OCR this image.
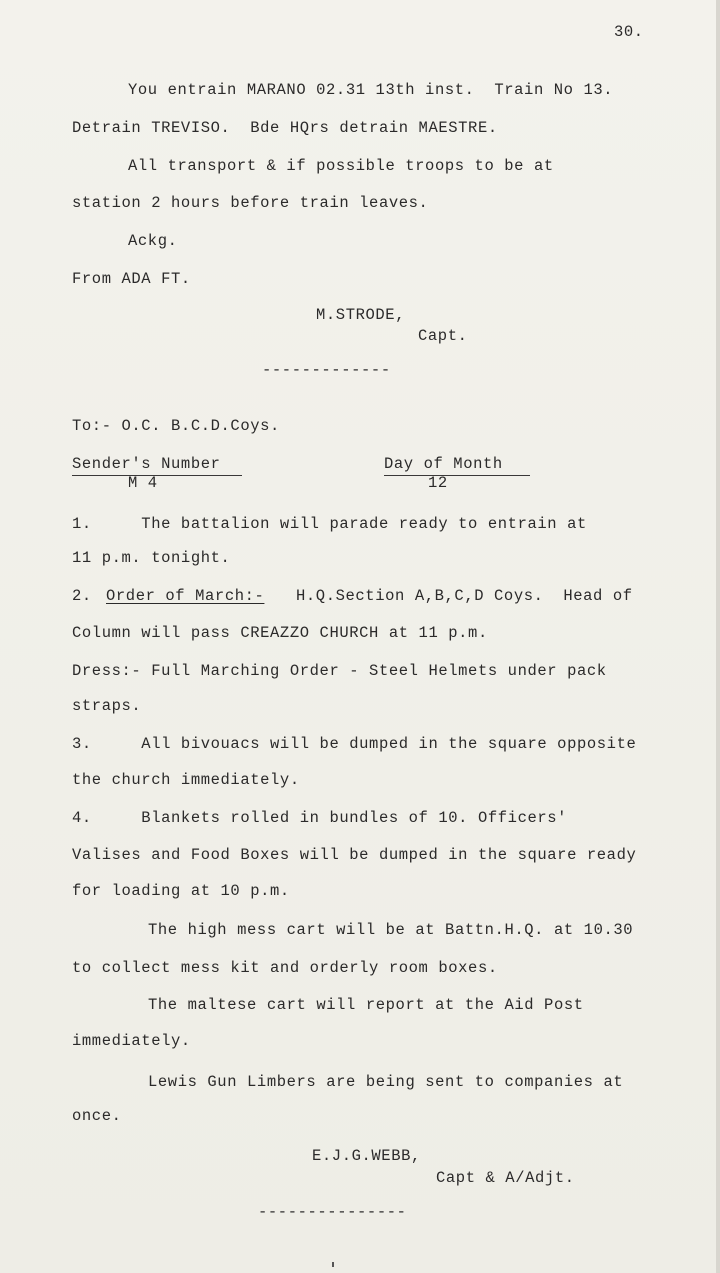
30.
You entrain MARANO 02.31 13th inst.  Train No 13.
Detrain TREVISO.  Bde HQrs detrain MAESTRE.
All transport & if possible troops to be at
station 2 hours before train leaves.
Ackg.
From ADA FT.
M.STRODE,
Capt.
-------------
To:- O.C. B.C.D.Coys.
Sender's Number
M 4
Day of Month
12
1.     The battalion will parade ready to entrain at
11 p.m. tonight.
2. Order of March:- H.Q.Section A,B,C,D Coys.  Head of
Column will pass CREAZZO CHURCH at 11 p.m.
Dress:- Full Marching Order - Steel Helmets under pack
straps.
3.     All bivouacs will be dumped in the square opposite
the church immediately.
4.     Blankets rolled in bundles of 10. Officers'
Valises and Food Boxes will be dumped in the square ready
for loading at 10 p.m.
The high mess cart will be at Battn.H.Q. at 10.30
to collect mess kit and orderly room boxes.
The maltese cart will report at the Aid Post
immediately.
Lewis Gun Limbers are being sent to companies at
once.
E.J.G.WEBB,
Capt & A/Adjt.
---------------
